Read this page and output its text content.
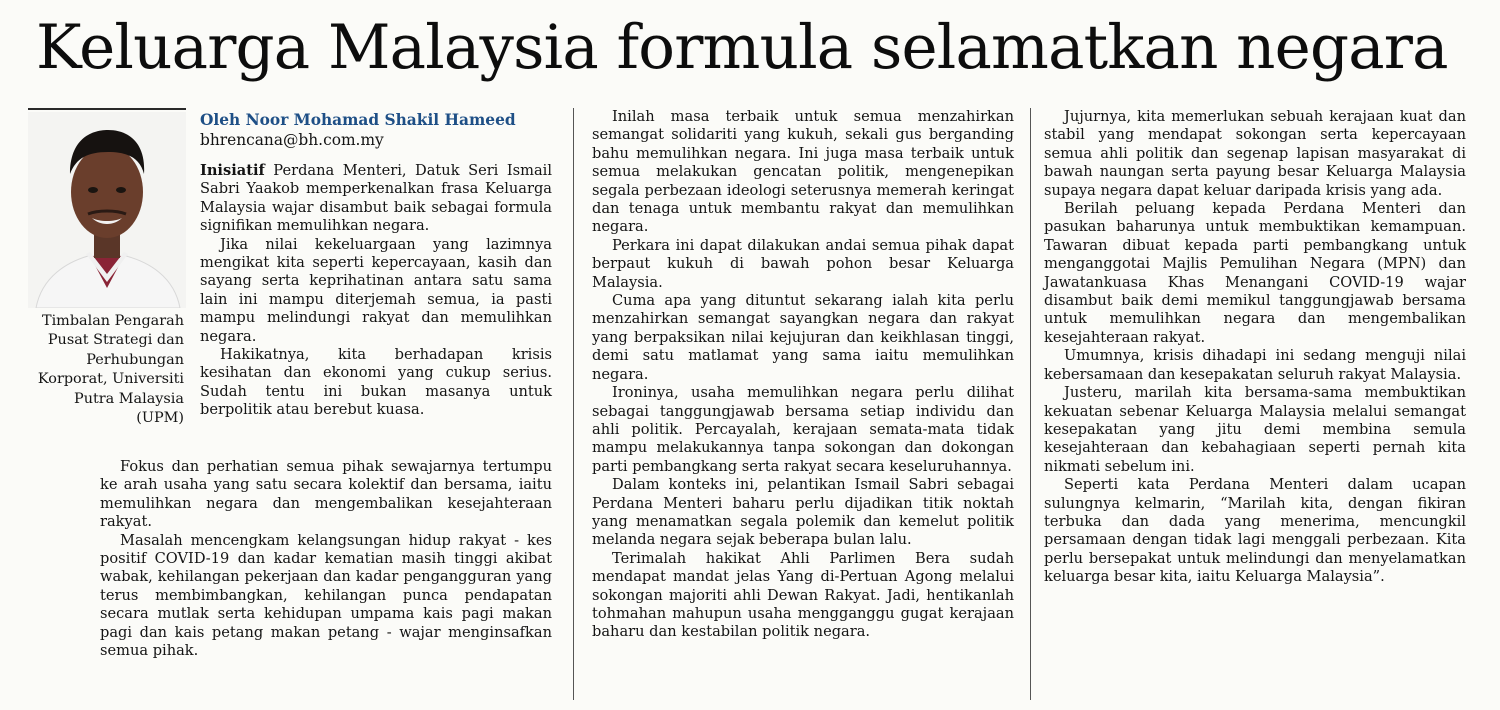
Keluarga Malaysia formula selamatkan negara
Timbalan Pengarah Pusat Strategi dan Perhubungan Korporat, Universiti Putra Malaysia (UPM)
Oleh Noor Mohamad Shakil Hameed
bhrencana@bh.com.my

Inisiatif Perdana Menteri, Datuk Seri Ismail Sabri Yaakob memperkenalkan frasa Keluarga Malaysia wajar disambut baik sebagai formula signifikan memulihkan negara.

Jika nilai kekeluargaan yang lazimnya mengikat kita seperti kepercayaan, kasih dan sayang serta keprihatinan antara satu sama lain ini mampu diterjemah semua, ia pasti mampu melindungi rakyat dan memulihkan negara.

Hakikatnya, kita berhadapan krisis kesihatan dan ekonomi yang cukup serius. Sudah tentu ini bukan masanya untuk berpolitik atau berebut kuasa.

Fokus dan perhatian semua pihak sewajarnya tertumpu ke arah usaha yang satu secara kolektif dan bersama, iaitu memulihkan negara dan mengembalikan kesejahteraan rakyat.

Masalah mencengkam kelangsungan hidup rakyat - kes positif COVID-19 dan kadar kematian masih tinggi akibat wabak, kehilangan pekerjaan dan kadar pengangguran yang terus membimbangkan, kehilangan punca pendapatan secara mutlak serta kehidupan umpama kais pagi makan pagi dan kais petang makan petang - wajar menginsafkan semua pihak.

Inilah masa terbaik untuk semua menzahirkan semangat solidariti yang kukuh, sekali gus berganding bahu memulihkan negara. Ini juga masa terbaik untuk semua melakukan gencatan politik, mengenepikan segala perbezaan ideologi seterusnya memerah keringat dan tenaga untuk membantu rakyat dan memulihkan negara.

Perkara ini dapat dilakukan andai semua pihak dapat berpaut kukuh di bawah pohon besar Keluarga Malaysia.

Cuma apa yang dituntut sekarang ialah kita perlu menzahirkan semangat sayangkan negara dan rakyat yang berpaksikan nilai kejujuran dan keikhlasan tinggi, demi satu matlamat yang sama iaitu memulihkan negara.

Ironinya, usaha memulihkan negara perlu dilihat sebagai tanggungjawab bersama setiap individu dan ahli politik. Percayalah, kerajaan semata-mata tidak mampu melakukannya tanpa sokongan dan dokongan parti pembangkang serta rakyat secara keseluruhannya.

Dalam konteks ini, pelantikan Ismail Sabri sebagai Perdana Menteri baharu perlu dijadikan titik noktah yang menamatkan segala polemik dan kemelut politik melanda negara sejak beberapa bulan lalu.

Terimalah hakikat Ahli Parlimen Bera sudah mendapat mandat jelas Yang di-Pertuan Agong melalui sokongan majoriti ahli Dewan Rakyat. Jadi, hentikanlah tohmahan mahupun usaha mengganggu gugat kerajaan baharu dan kestabilan politik negara.

Jujurnya, kita memerlukan sebuah kerajaan kuat dan stabil yang mendapat sokongan serta kepercayaan semua ahli politik dan segenap lapisan masyarakat di bawah naungan serta payung besar Keluarga Malaysia supaya negara dapat keluar daripada krisis yang ada.

Berilah peluang kepada Perdana Menteri dan pasukan baharunya untuk membuktikan kemampuan. Tawaran dibuat kepada parti pembangkang untuk menganggotai Majlis Pemulihan Negara (MPN) dan Jawatankuasa Khas Menangani COVID-19 wajar disambut baik demi memikul tanggungjawab bersama untuk memulihkan negara dan mengembalikan kesejahteraan rakyat.

Umumnya, krisis dihadapi ini sedang menguji nilai kebersamaan dan kesepakatan seluruh rakyat Malaysia.

Justeru, marilah kita bersama-sama membuktikan kekuatan sebenar Keluarga Malaysia melalui semangat kesepakatan yang jitu demi membina semula kesejahteraan dan kebahagiaan seperti pernah kita nikmati sebelum ini.

Seperti kata Perdana Menteri dalam ucapan sulungnya kelmarin, “Marilah kita, dengan fikiran terbuka dan dada yang menerima, mencungkil persamaan dengan tidak lagi menggali perbezaan. Kita perlu bersepakat untuk melindungi dan menyelamatkan keluarga besar kita, iaitu Keluarga Malaysia”.
